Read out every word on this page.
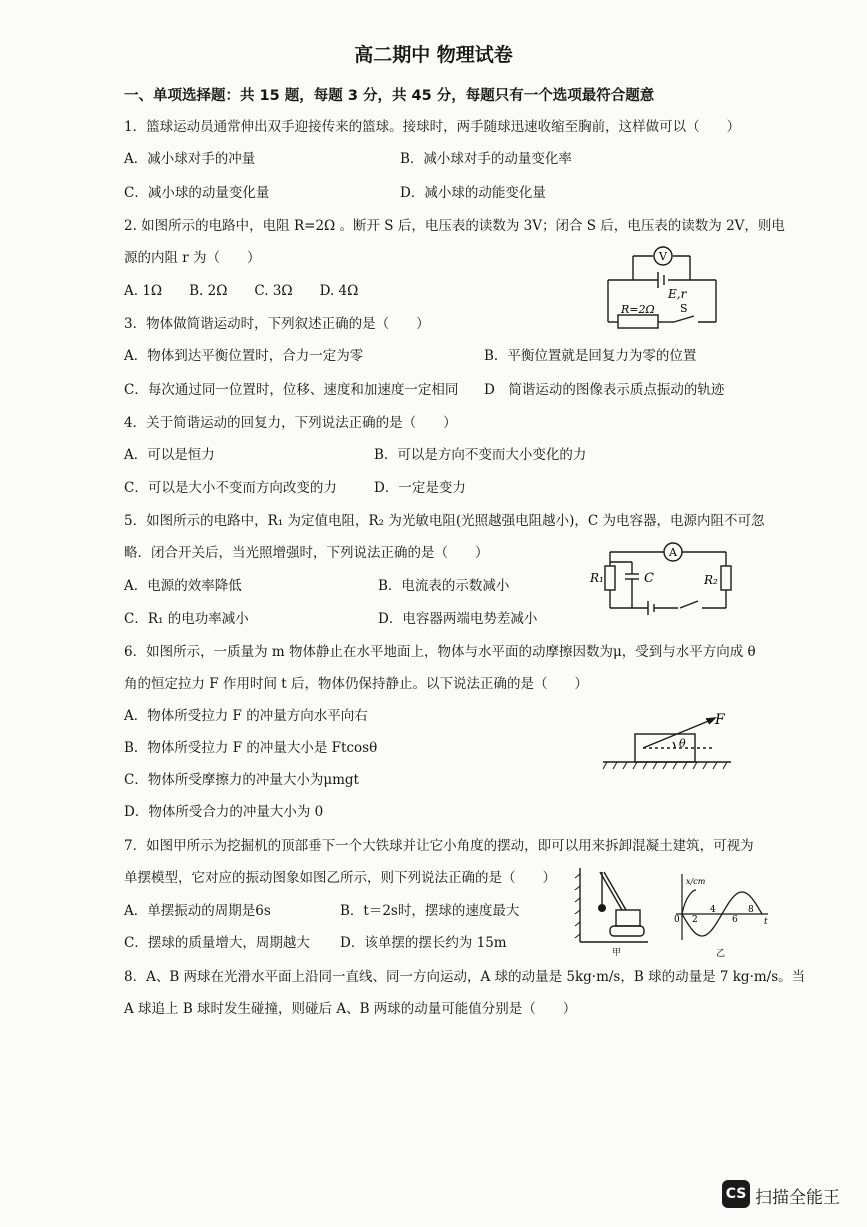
高二期中 物理试卷
一、单项选择题：共 15 题，每题 3 分，共 45 分，每题只有一个选项最符合题意
1．篮球运动员通常伸出双手迎接传来的篮球。接球时，两手随球迅速收缩至胸前，这样做可以（　　）
A．减小球对手的冲量	B．减小球对手的动量变化率
C．减小球的动量变化量	D．减小球的动能变化量
2. 如图所示的电路中，电阻 R=2Ω 。断开 S 后，电压表的读数为 3V；闭合 S 后，电压表的读数为 2V，则电
源的内阻 r 为（　　）
A. 1Ω　　B. 2Ω　　C. 3Ω　　D. 4Ω
V
E,r
R=2Ω S
3．物体做简谐运动时，下列叙述正确的是（　　）
A．物体到达平衡位置时，合力一定为零	B．平衡位置就是回复力为零的位置
C．每次通过同一位置时，位移、速度和加速度一定相同 D　简谐运动的图像表示质点振动的轨迹
4．关于简谐运动的回复力，下列说法正确的是（　　）
A．可以是恒力	B．可以是方向不变而大小变化的力
C．可以是大小不变而方向改变的力	D．一定是变力
5．如图所示的电路中，R₁ 为定值电阻，R₂ 为光敏电阻(光照越强电阻越小)，C 为电容器，电源内阻不可忽
略．闭合开关后，当光照增强时，下列说法正确的是（　　）
A．电源的效率降低	B．电流表的示数减小
C．R₁ 的电功率减小	D．电容器两端电势差减小
A
R₁	C	R₂
6．如图所示，一质量为 m 物体静止在水平地面上，物体与水平面的动摩擦因数为μ，受到与水平方向成 θ
角的恒定拉力 F 作用时间 t 后，物体仍保持静止。以下说法正确的是（　　）
A．物体所受拉力 F 的冲量方向水平向右
B．物体所受拉力 F 的冲量大小是 Ftcosθ
C．物体所受摩擦力的冲量大小为μmgt
D．物体所受合力的冲量大小为 0
F
θ
7．如图甲所示为挖掘机的顶部垂下一个大铁球并让它小角度的摆动，即可以用来拆卸混凝土建筑，可视为
单摆模型，它对应的振动图象如图乙所示，则下列说法正确的是（　　）
A．单摆振动的周期是6s	B．t＝2s时，摆球的速度最大
C．摆球的质量增大，周期越大 D．该单摆的摆长约为 15m
甲
x/cm
0 2
4
6
8
t
乙
8．A、B 两球在光滑水平面上沿同一直线、同一方向运动，A 球的动量是 5kg·m/s，B 球的动量是 7 kg·m/s。当
A 球追上 B 球时发生碰撞，则碰后 A、B 两球的动量可能值分别是（　　）
CS 扫描全能王
